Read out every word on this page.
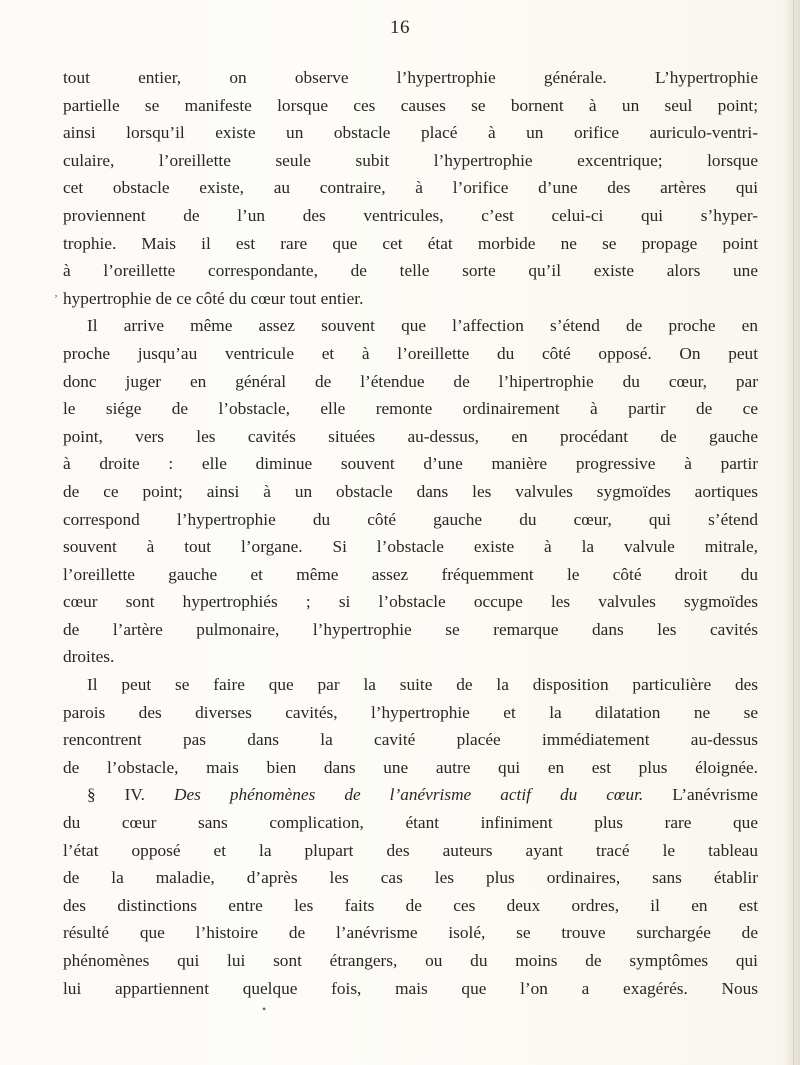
16
tout entier, on observe l’hypertrophie générale. L’hypertrophie
partielle se manifeste lorsque ces causes se bornent à un seul point;
ainsi lorsqu’il existe un obstacle placé à un orifice auriculo-ventri-
culaire, l’oreillette seule subit l’hypertrophie excentrique; lorsque
cet obstacle existe, au contraire, à l’orifice d’une des artères qui
proviennent de l’un des ventricules, c’est celui-ci qui s’hyper-
trophie. Mais il est rare que cet état morbide ne se propage point
à l’oreillette correspondante, de telle sorte qu’il existe alors une
hypertrophie de ce côté du cœur tout entier.
Il arrive même assez souvent que l’affection s’étend de proche en
proche jusqu’au ventricule et à l’oreillette du côté opposé. On peut
donc juger en général de l’étendue de l’hipertrophie du cœur, par
le siége de l’obstacle, elle remonte ordinairement à partir de ce
point, vers les cavités situées au-dessus, en procédant de gauche
à droite : elle diminue souvent d’une manière progressive à partir
de ce point; ainsi à un obstacle dans les valvules sygmoïdes aortiques
correspond l’hypertrophie du côté gauche du cœur, qui s’étend
souvent à tout l’organe. Si l’obstacle existe à la valvule mitrale,
l’oreillette gauche et même assez fréquemment le côté droit du
cœur sont hypertrophiés ; si l’obstacle occupe les valvules sygmoïdes
de l’artère pulmonaire, l’hypertrophie se remarque dans les cavités
droites.
Il peut se faire que par la suite de la disposition particulière des
parois des diverses cavités, l’hypertrophie et la dilatation ne se
rencontrent pas dans la cavité placée immédiatement au-dessus
de l’obstacle, mais bien dans une autre qui en est plus éloignée.
§ IV. Des phénomènes de l’anévrisme actif du cœur. L’anévrisme
du cœur sans complication, étant infiniment plus rare que
l’état opposé et la plupart des auteurs ayant tracé le tableau
de la maladie, d’après les cas les plus ordinaires, sans établir
des distinctions entre les faits de ces deux ordres, il en est
résulté que l’histoire de l’anévrisme isolé, se trouve surchargée de
phénomènes qui lui sont étrangers, ou du moins de symptômes qui
lui appartiennent quelque fois, mais que l’on a exagérés. Nous
ʼ
•
